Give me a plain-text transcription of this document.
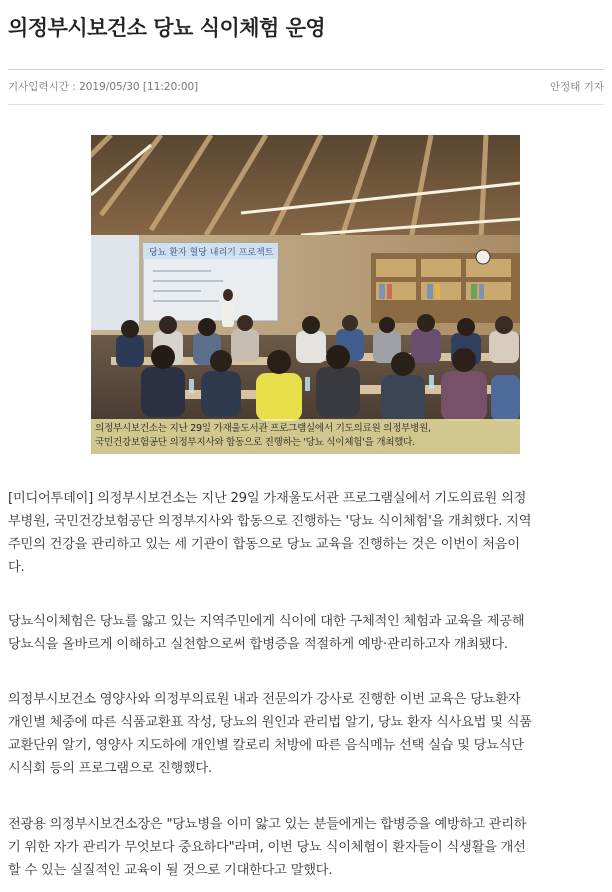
의정부시보건소 당뇨 식이체험 운영
기사입력시간 : 2019/05/30 [11:20:00]	안정태 기자
당뇨 환자 혈당 내리기 프로젝트
의정부시보건소는 지난 29일 가재울도서관 프로그램실에서 기도의료원 의정부병원,
국민건강보험공단 의정부지사와 합동으로 진행하는 '당뇨 식이체험'을 개최했다.

[미디어투데이] 의정부시보건소는 지난 29일 가재울도서관 프로그램실에서 기도의료원 의정
부병원, 국민건강보험공단 의정부지사와 합동으로 진행하는 '당뇨 식이체험'을 개최했다. 지역
주민의 건강을 관리하고 있는 세 기관이 합동으로 당뇨 교육을 진행하는 것은 이번이 처음이
다.

당뇨식이체험은 당뇨를 앓고 있는 지역주민에게 식이에 대한 구체적인 체험과 교육을 제공해
당뇨식을 올바르게 이해하고 실천함으로써 합병증을 적절하게 예방·관리하고자 개최됐다.

의정부시보건소 영양사와 의정부의료원 내과 전문의가 강사로 진행한 이번 교육은 당뇨환자
개인별 체중에 따른 식품교환표 작성, 당뇨의 원인과 관리법 알기, 당뇨 환자 식사요법 및 식품
교환단위 알기, 영양사 지도하에 개인별 칼로리 처방에 따른 음식메뉴 선택 실습 및 당뇨식단
시식회 등의 프로그램으로 진행했다.

전광용 의정부시보건소장은 "당뇨병을 이미 앓고 있는 분들에게는 합병증을 예방하고 관리하
기 위한 자가 관리가 무엇보다 중요하다"라며, 이번 당뇨 식이체험이 환자들이 식생활을 개선
할 수 있는 실질적인 교육이 될 것으로 기대한다고 말했다.
